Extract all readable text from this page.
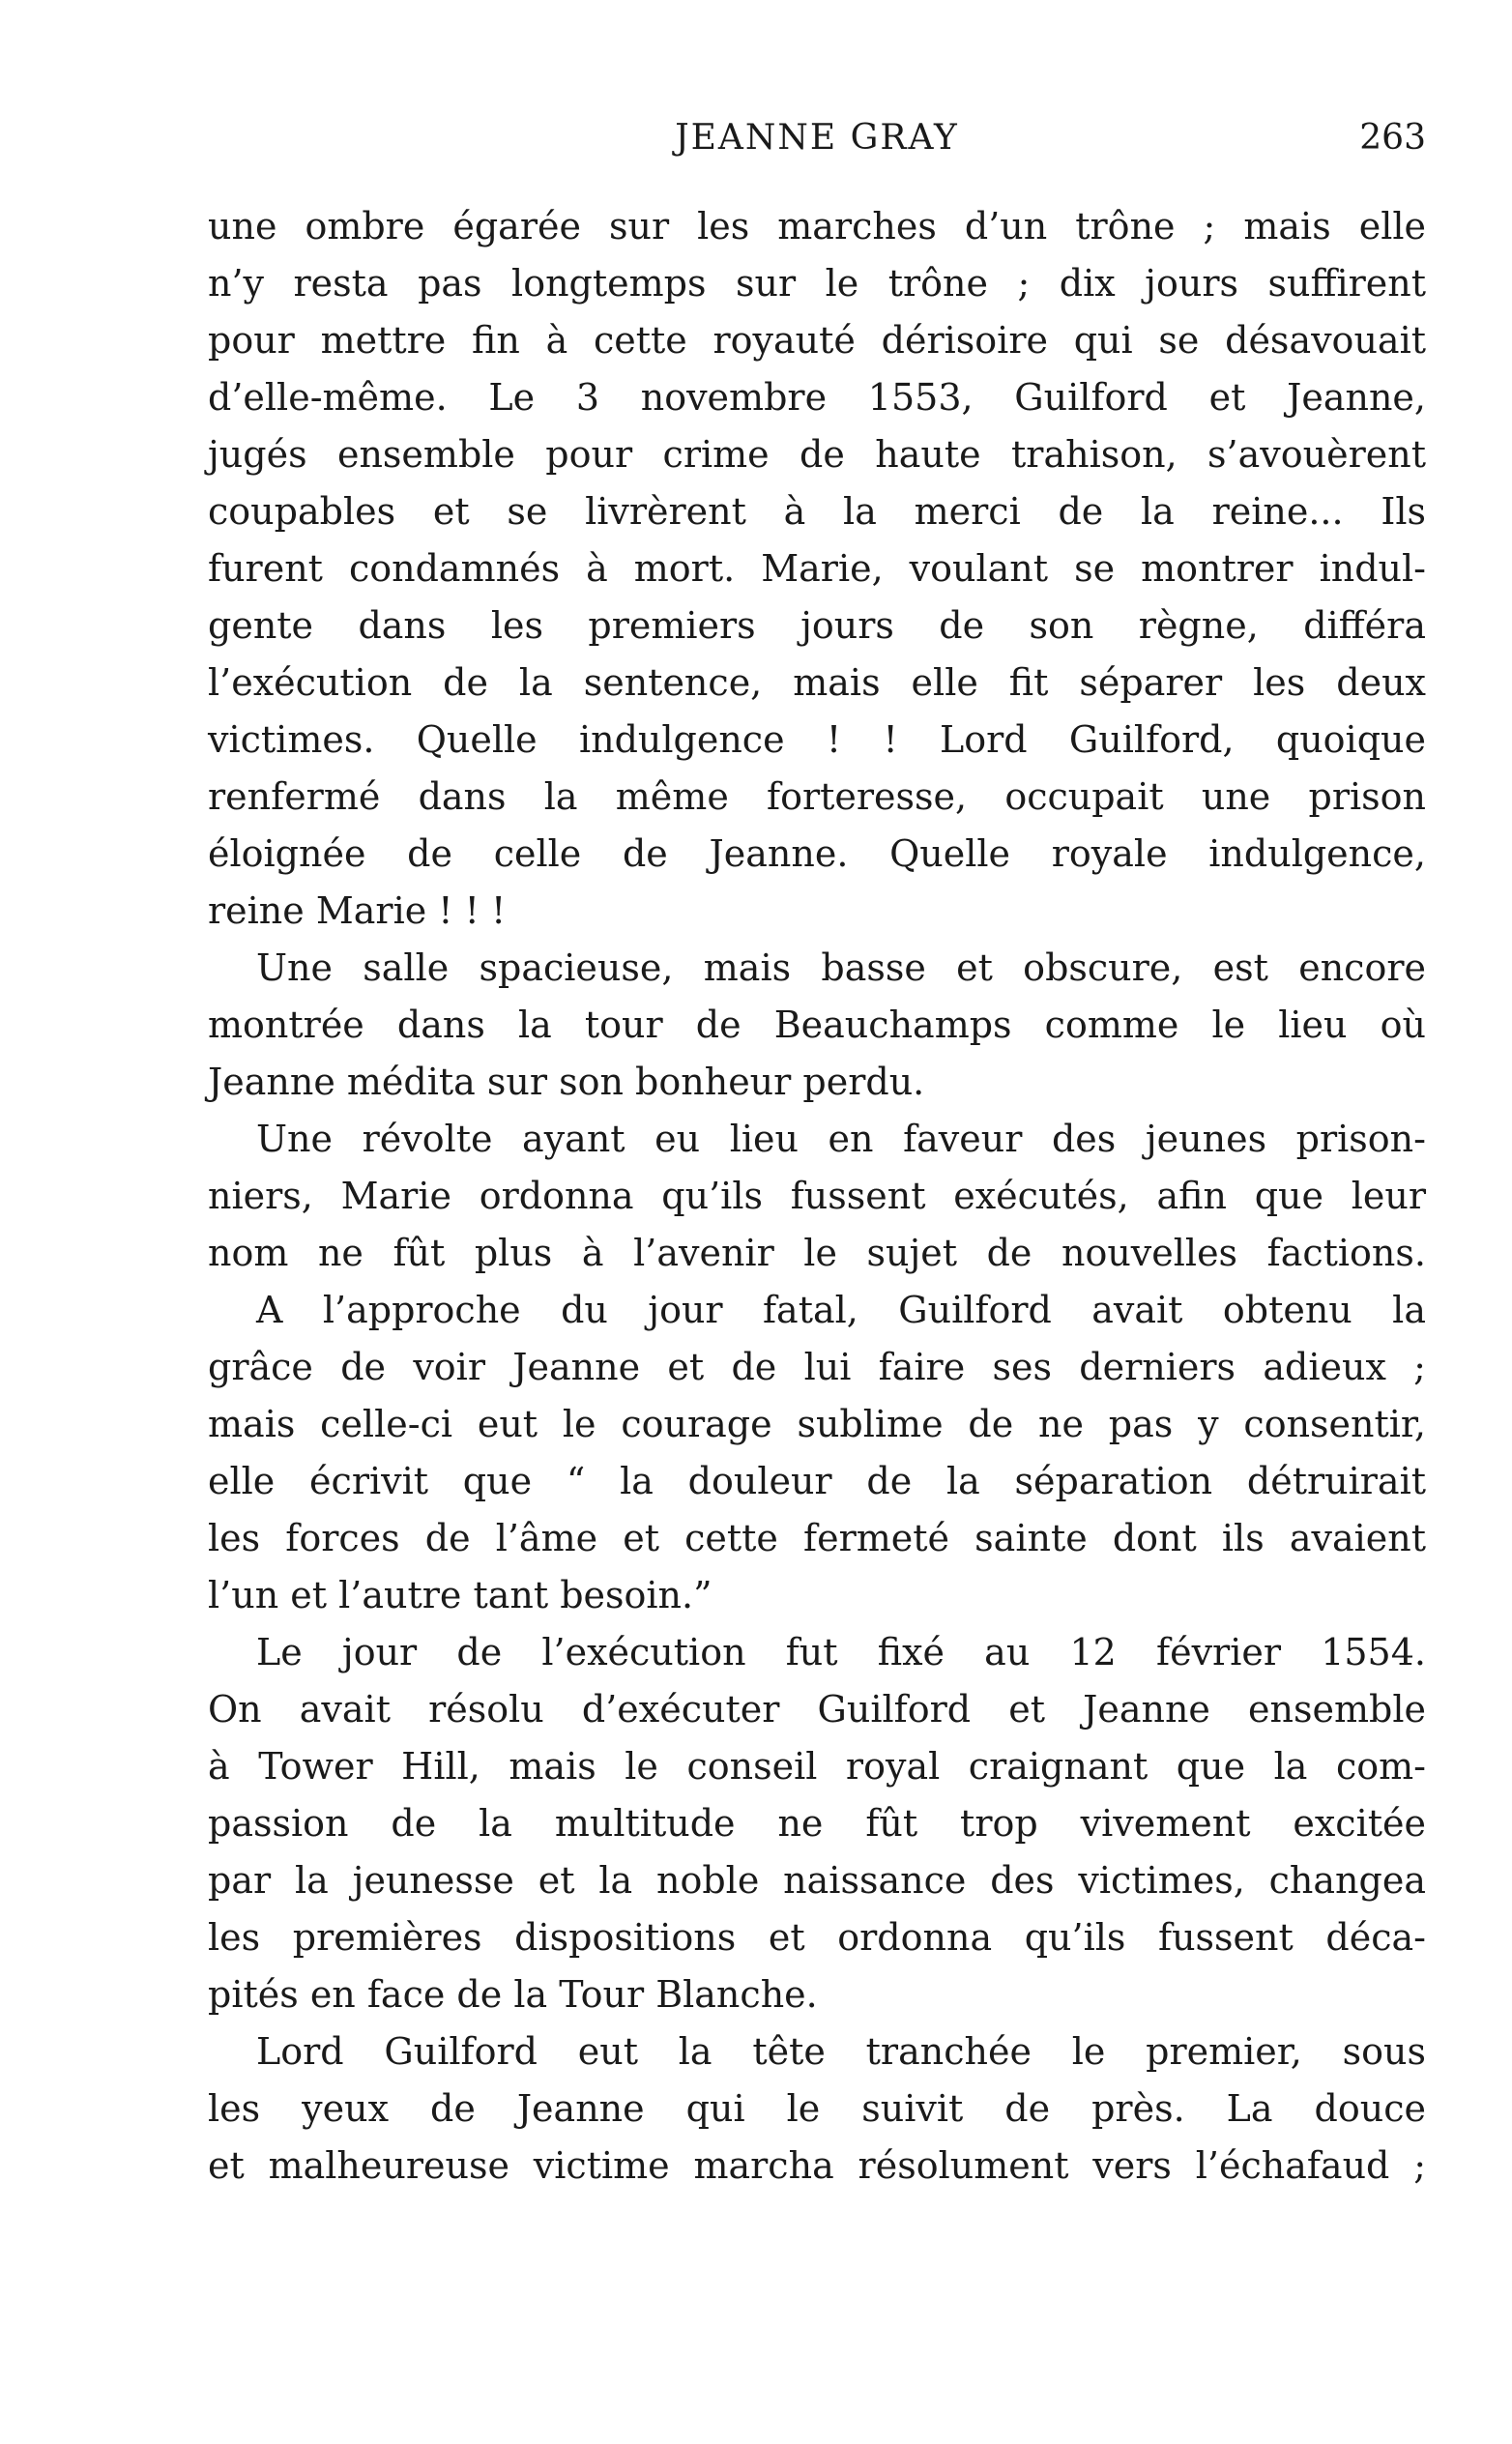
JEANNE GRAY	263

une ombre égarée sur les marches d’un trône ; mais elle
n’y resta pas longtemps sur le trône ; dix jours suffirent
pour mettre fin à cette royauté dérisoire qui se désavouait
d’elle-même. Le 3 novembre 1553, Guilford et Jeanne,
jugés ensemble pour crime de haute trahison, s’avouèrent
coupables et se livrèrent à la merci de la reine... Ils
furent condamnés à mort. Marie, voulant se montrer indul-
gente dans les premiers jours de son règne, différa
l’exécution de la sentence, mais elle fit séparer les deux
victimes. Quelle indulgence ! ! Lord Guilford, quoique
renfermé dans la même forteresse, occupait une prison
éloignée de celle de Jeanne. Quelle royale indulgence,
reine Marie ! ! !

Une salle spacieuse, mais basse et obscure, est encore
montrée dans la tour de Beauchamps comme le lieu où
Jeanne médita sur son bonheur perdu.

Une révolte ayant eu lieu en faveur des jeunes prison-
niers, Marie ordonna qu’ils fussent exécutés, afin que leur
nom ne fût plus à l’avenir le sujet de nouvelles factions.

A l’approche du jour fatal, Guilford avait obtenu la
grâce de voir Jeanne et de lui faire ses derniers adieux ;
mais celle-ci eut le courage sublime de ne pas y consentir,
elle écrivit que “ la douleur de la séparation détruirait
les forces de l’âme et cette fermeté sainte dont ils avaient
l’un et l’autre tant besoin.”

Le jour de l’exécution fut fixé au 12 février 1554.
On avait résolu d’exécuter Guilford et Jeanne ensemble
à Tower Hill, mais le conseil royal craignant que la com-
passion de la multitude ne fût trop vivement excitée
par la jeunesse et la noble naissance des victimes, changea
les premières dispositions et ordonna qu’ils fussent déca-
pités en face de la Tour Blanche.

Lord Guilford eut la tête tranchée le premier, sous
les yeux de Jeanne qui le suivit de près. La douce
et malheureuse victime marcha résolument vers l’échafaud ;
